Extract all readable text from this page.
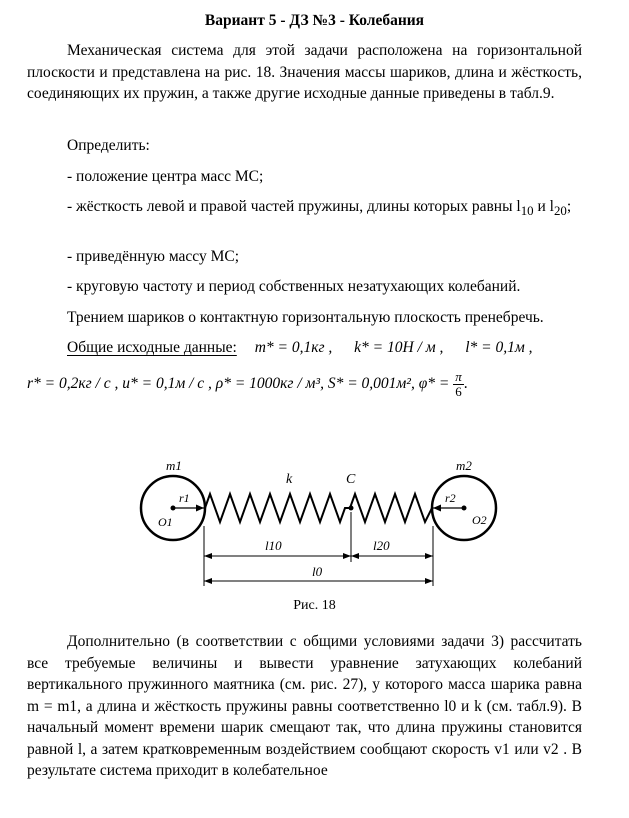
Вариант 5 - ДЗ №3 - Колебания
Механическая система для этой задачи расположена на горизонтальной плоскости и представлена на рис. 18. Значения массы шариков, длина и жёсткость, соединяющих их пружин, а также другие исходные данные приведены в табл.9.
Определить:
- положение центра масс МС;
- жёсткость левой и правой частей пружины, длины которых равны $l_{10}$ и $l_{20}$;
- приведённую массу МС;
- круговую частоту и период собственных незатухающих колебаний.
Трением шариков о контактную горизонтальную плоскость пренебречь.
Общие исходные данные: m* = 0,1кг , k* = 10H / м , l* = 0,1м ,
r* = 0,2кг / с , u* = 0,1м / с , ρ* = 1000кг / м³, S* = 0,001м², $\varphi* = \frac{\pi}{6}$ .
m1	m2
r1	r2
O1	O2
k	C
l10	l20
l0
Рис. 18
Дополнительно (в соответствии с общими условиями задачи 3) рассчитать все требуемые величины и вывести уравнение затухающих колебаний вертикального пружинного маятника (см. рис. 27), у которого масса шарика равна m = m1, а длина и жёсткость пружины равны соответственно l0 и k (см. табл.9). В начальный момент времени шарик смещают так, что длина пружины становится равной l, а затем кратковременным воздействием сообщают скорость v1 или v2 . В результате система приходит в колебательное
